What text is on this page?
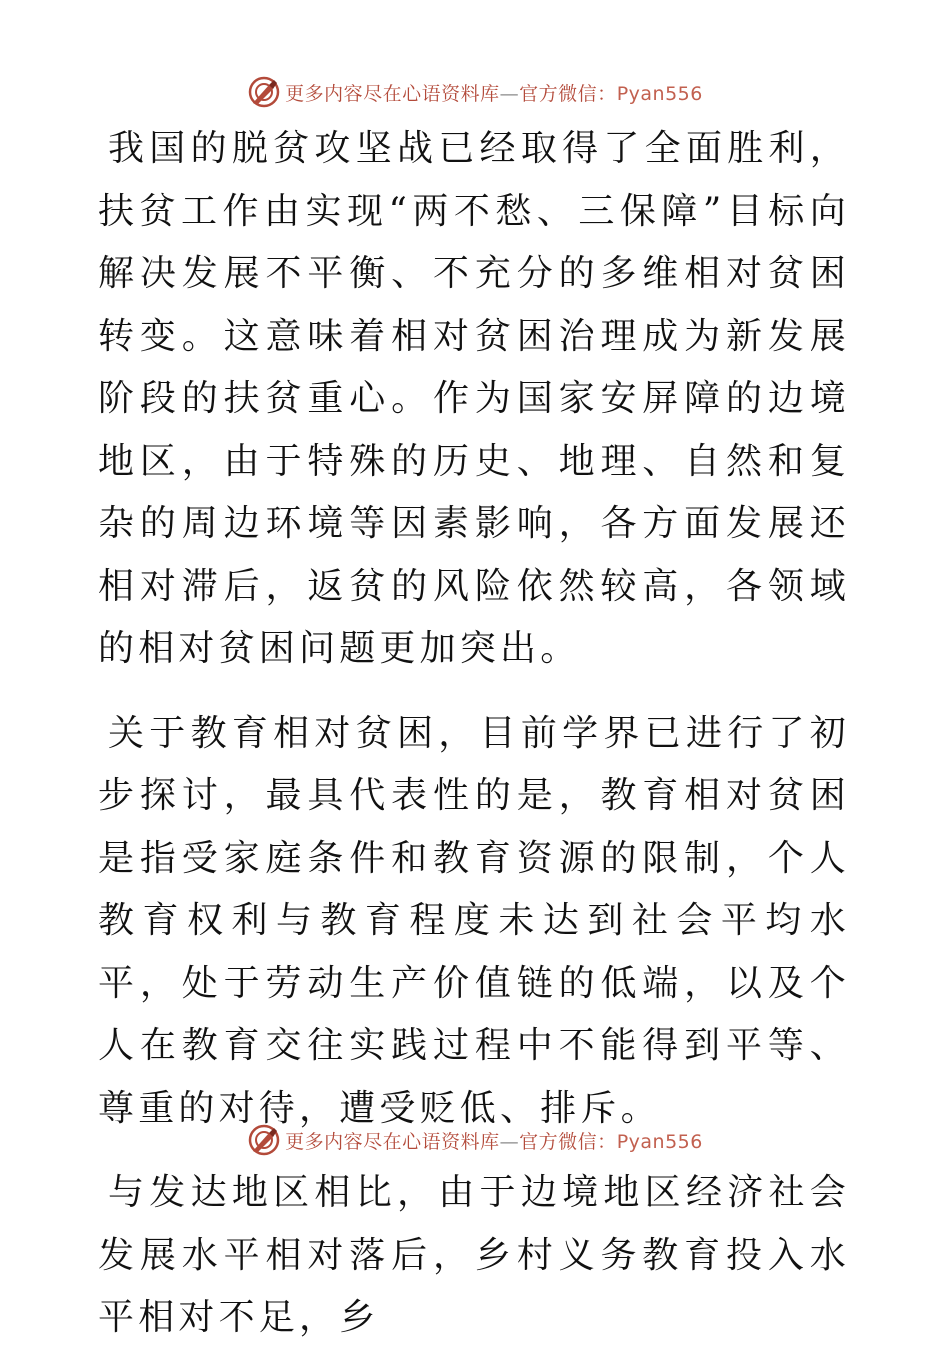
更多内容尽在心语资料库—官方微信：Pyan556

我国的脱贫攻坚战已经取得了全面胜利，扶贫工作由实现“两不愁、三保障”目标向解决发展不平衡、不充分的多维相对贫困转变。这意味着相对贫困治理成为新发展阶段的扶贫重心。作为国家安屏障的边境地区，由于特殊的历史、地理、自然和复杂的周边环境等因素影响，各方面发展还相对滞后，返贫的风险依然较高，各领域的相对贫困问题更加突出。

关于教育相对贫困，目前学界已进行了初步探讨，最具代表性的是，教育相对贫困是指受家庭条件和教育资源的限制，个人教育权利与教育程度未达到社会平均水平，处于劳动生产价值链的低端，以及个人在教育交往实践过程中不能得到平等、尊重的对待，遭受贬低、排斥。

与发达地区相比，由于边境地区经济社会发展水平相对落后，乡村义务教育投入水平相对不足，乡

更多内容尽在心语资料库—官方微信：Pyan556
